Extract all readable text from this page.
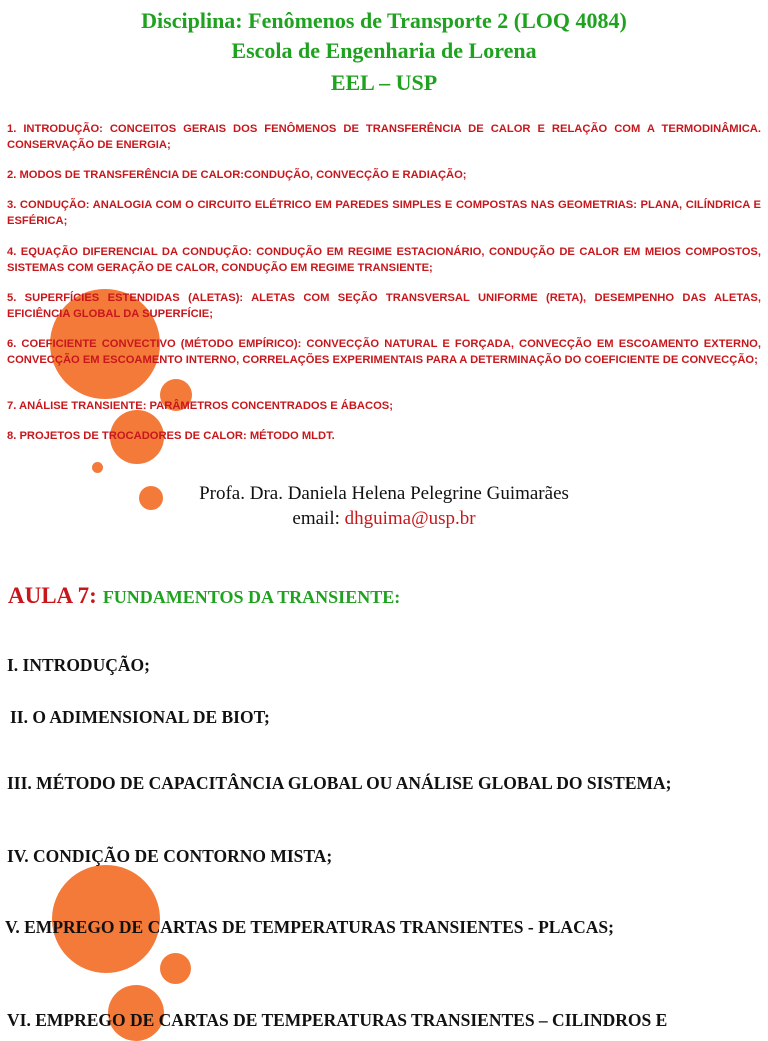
Disciplina: Fenômenos de Transporte 2 (LOQ 4084)
Escola de Engenharia de Lorena
EEL – USP
1. INTRODUÇÃO: CONCEITOS GERAIS DOS FENÔMENOS DE TRANSFERÊNCIA DE CALOR E RELAÇÃO COM A TERMODINÂMICA. CONSERVAÇÃO DE ENERGIA;
2. MODOS DE TRANSFERÊNCIA DE CALOR:CONDUÇÃO, CONVECÇÃO E RADIAÇÃO;
3. CONDUÇÃO: ANALOGIA COM O CIRCUITO ELÉTRICO EM PAREDES SIMPLES E COMPOSTAS NAS GEOMETRIAS: PLANA, CILÍNDRICA E ESFÉRICA;
4. EQUAÇÃO DIFERENCIAL DA CONDUÇÃO: CONDUÇÃO EM REGIME ESTACIONÁRIO, CONDUÇÃO DE CALOR EM MEIOS COMPOSTOS, SISTEMAS COM GERAÇÃO DE CALOR, CONDUÇÃO EM REGIME TRANSIENTE;
5. SUPERFÍCIES ESTENDIDAS (ALETAS): ALETAS COM SEÇÃO TRANSVERSAL UNIFORME (RETA), DESEMPENHO DAS ALETAS, EFICIÊNCIA GLOBAL DA SUPERFÍCIE;
6. COEFICIENTE CONVECTIVO (MÉTODO EMPÍRICO): CONVECÇÃO NATURAL E FORÇADA, CONVECÇÃO EM ESCOAMENTO EXTERNO, CONVECÇÃO EM ESCOAMENTO INTERNO, CORRELAÇÕES EXPERIMENTAIS PARA A DETERMINAÇÃO DO COEFICIENTE DE CONVECÇÃO;
7. ANÁLISE TRANSIENTE: PARÂMETROS CONCENTRADOS E ÁBACOS;
8. PROJETOS DE TROCADORES DE CALOR: MÉTODO MLDT.
Profa. Dra. Daniela Helena Pelegrine Guimarães
email: dhguima@usp.br
AULA 7: FUNDAMENTOS DA TRANSIENTE:
I. INTRODUÇÃO;
II. O ADIMENSIONAL DE BIOT;
III. MÉTODO DE CAPACITÂNCIA GLOBAL OU ANÁLISE GLOBAL DO SISTEMA;
IV. CONDIÇÃO DE CONTORNO MISTA;
V. EMPREGO DE CARTAS DE TEMPERATURAS TRANSIENTES - PLACAS;
VI. EMPREGO DE CARTAS DE TEMPERATURAS TRANSIENTES – CILINDROS E
